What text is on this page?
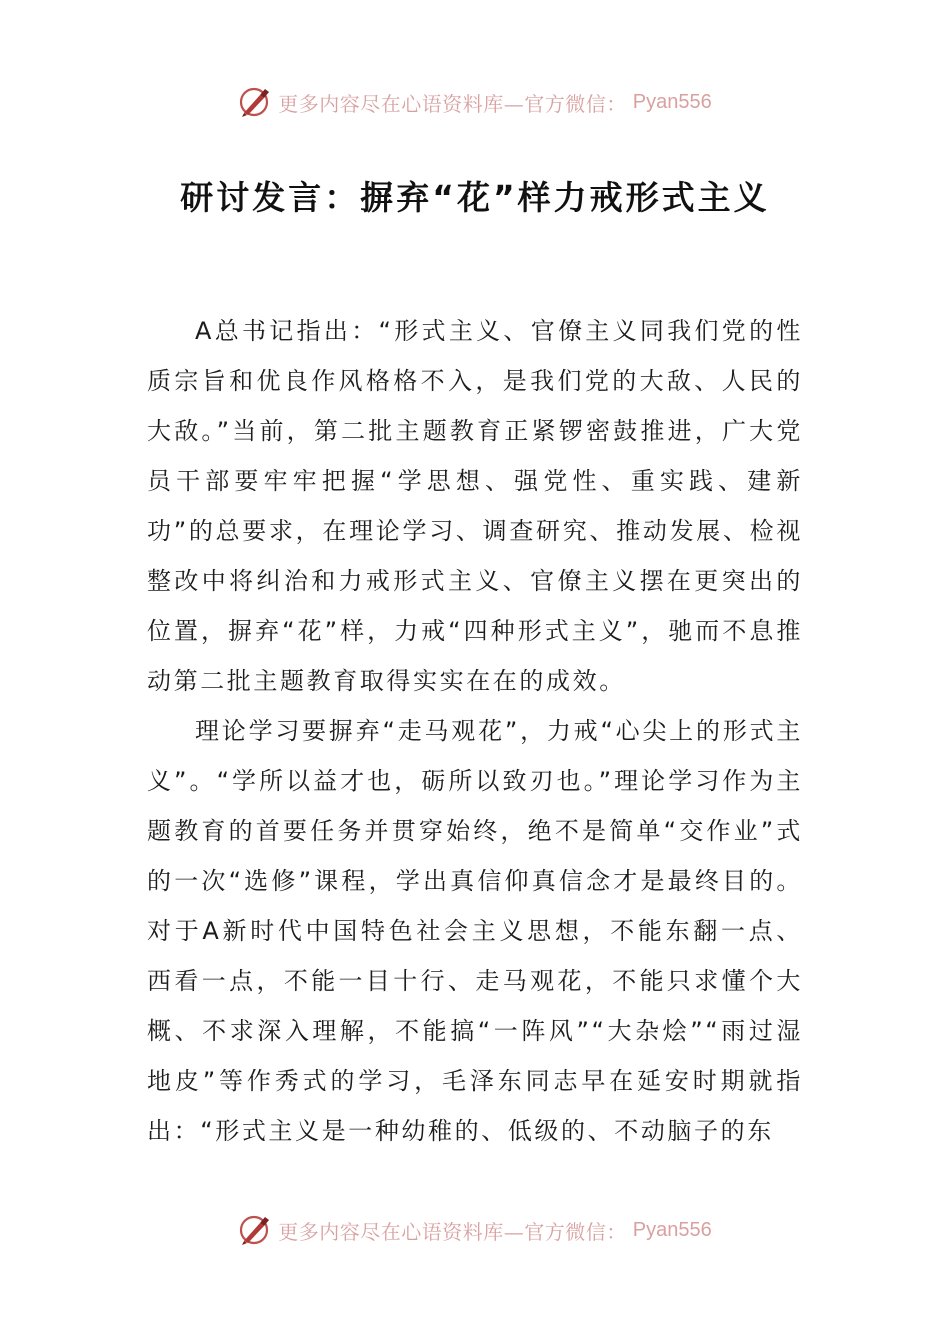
更多内容尽在心语资料库—官方微信： Pyan556
研讨发言：摒弃“花”样力戒形式主义

A总书记指出：“形式主义、官僚主义同我们党的性质宗旨和优良作风格格不入，是我们党的大敌、人民的大敌。”当前，第二批主题教育正紧锣密鼓推进，广大党员干部要牢牢把握“学思想、强党性、重实践、建新功”的总要求，在理论学习、调查研究、推动发展、检视整改中将纠治和力戒形式主义、官僚主义摆在更突出的位置，摒弃“花”样，力戒“四种形式主义”，驰而不息推动第二批主题教育取得实实在在的成效。

理论学习要摒弃“走马观花”，力戒“心尖上的形式主义”。“学所以益才也，砺所以致刃也。”理论学习作为主题教育的首要任务并贯穿始终，绝不是简单“交作业”式的一次“选修”课程，学出真信仰真信念才是最终目的。对于A新时代中国特色社会主义思想，不能东翻一点、西看一点，不能一目十行、走马观花，不能只求懂个大概、不求深入理解，不能搞“一阵风”“大杂烩”“雨过湿地皮”等作秀式的学习，毛泽东同志早在延安时期就指出：“形式主义是一种幼稚的、低级的、不动脑子的东

更多内容尽在心语资料库—官方微信： Pyan556
